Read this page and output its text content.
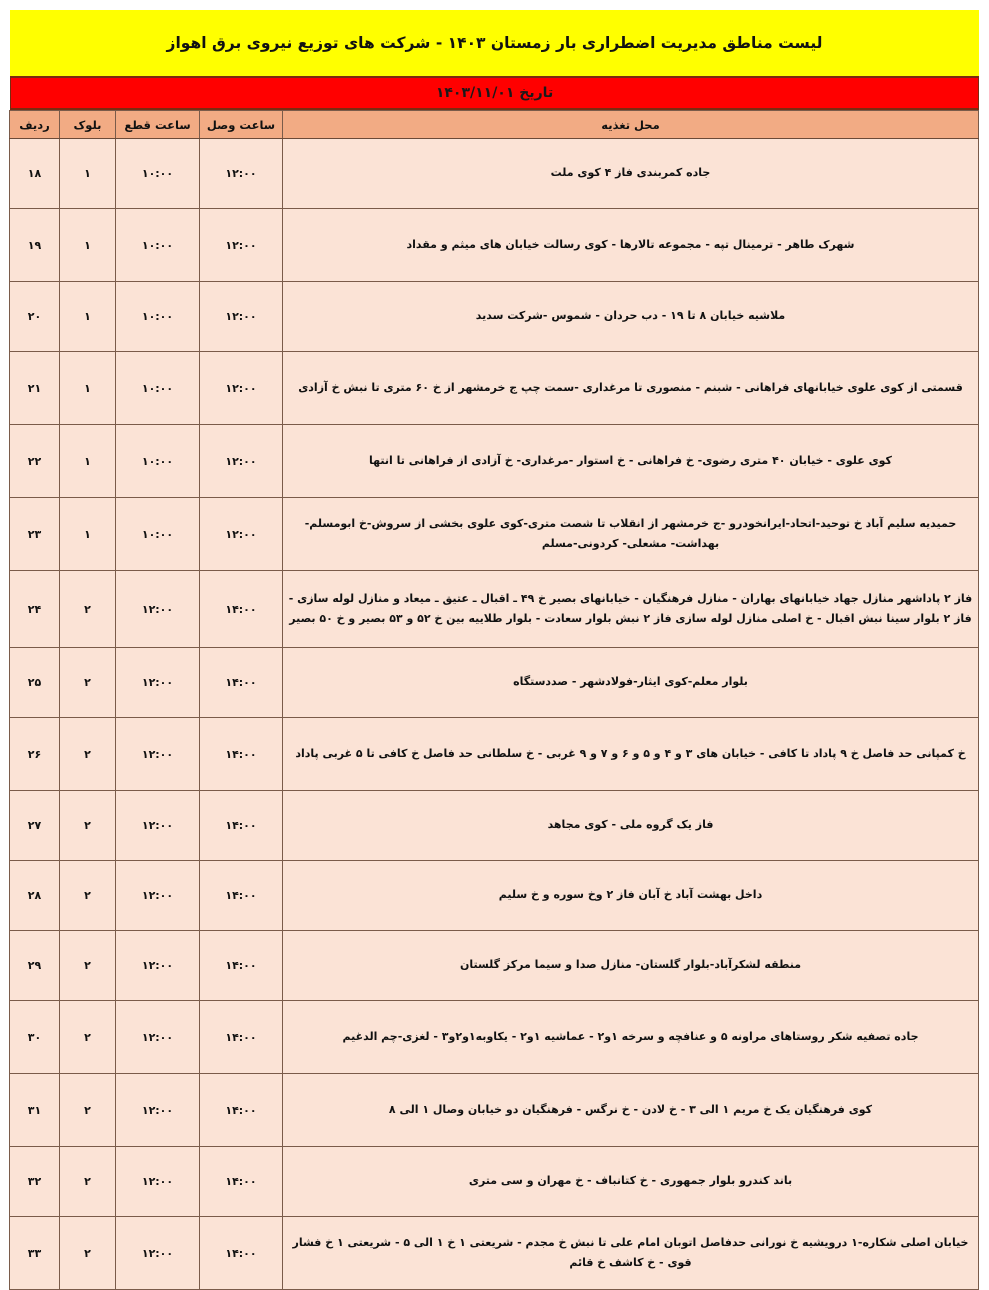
لیست مناطق مدیریت اضطراری بار زمستان ۱۴۰۳ - شرکت های توزیع نیروی برق اهواز
تاریخ ۱۴۰۳/۱۱/۰۱
محل تغذیه	ساعت وصل	ساعت قطع	بلوک	ردیف
جاده کمربندی فاز ۴ کوی ملت	۱۲:۰۰	۱۰:۰۰	۱	۱۸
شهرک طاهر - ترمینال تپه - مجموعه تالارها - کوی رسالت خیابان های میثم و مقداد	۱۲:۰۰	۱۰:۰۰	۱	۱۹
ملاشیه خیابان ۸ تا ۱۹ - دب حردان - شموس -شرکت سدید	۱۲:۰۰	۱۰:۰۰	۱	۲۰
قسمتی از کوی علوی خیابانهای فراهانی - شبنم - منصوری تا مرغداری -سمت چپ ج خرمشهر از خ ۶۰ متری تا نبش خ آزادی	۱۲:۰۰	۱۰:۰۰	۱	۲۱
کوی علوی - خیابان ۴۰ متری رضوی- خ فراهانی - خ استوار -مرغداری- خ آزادی از فراهانی تا انتها	۱۲:۰۰	۱۰:۰۰	۱	۲۲
حمیدیه سلیم آباد خ توحید-اتحاد-ایرانخودرو -ج خرمشهر از انقلاب تا شصت متری-کوی علوی بخشی از سروش-خ ابومسلم- بهداشت- مشعلی- کردونی-مسلم	۱۲:۰۰	۱۰:۰۰	۱	۲۳
فاز ۲ پاداشهر منازل جهاد خیابانهای بهاران - منازل فرهنگیان - خیابانهای بصیر خ ۴۹ ـ اقبال ـ عتیق ـ میعاد و منازل لوله سازی - فاز ۲ بلوار سینا نبش اقبال - خ اصلی منازل لوله سازی فاز ۲ نبش بلوار سعادت - بلوار طلاییه بین خ ۵۲ و ۵۳ بصیر و خ ۵۰ بصیر	۱۴:۰۰	۱۲:۰۰	۲	۲۴
بلوار معلم-کوی ایثار-فولادشهر - صددستگاه	۱۴:۰۰	۱۲:۰۰	۲	۲۵
خ کمپانی حد فاصل خ ۹ پاداد تا کافی - خیابان های ۳ و ۴ و ۵ و ۶ و ۷ و ۹ غربی - خ سلطانی حد فاصل خ کافی تا ۵ غربی پاداد	۱۴:۰۰	۱۲:۰۰	۲	۲۶
فاز یک گروه ملی - کوی مجاهد	۱۴:۰۰	۱۲:۰۰	۲	۲۷
داخل بهشت آباد خ آبان فاز ۲ وخ سوره و خ سلیم	۱۴:۰۰	۱۲:۰۰	۲	۲۸
منطقه لشکرآباد-بلوار گلستان- منازل صدا و سیما مرکز گلستان	۱۴:۰۰	۱۲:۰۰	۲	۲۹
جاده تصفیه شکر روستاهای مراونه ۵ و عنافچه و سرخه ۱و۲ - عماشیه ۱و۲ - یکاوبه۱و۲و۳ - لغزی-چم الدغیم	۱۴:۰۰	۱۲:۰۰	۲	۳۰
کوی فرهنگیان یک خ مریم ۱ الی ۳ - خ لادن - خ نرگس - فرهنگیان دو خیابان وصال ۱ الی ۸	۱۴:۰۰	۱۲:۰۰	۲	۳۱
باند کندرو بلوار جمهوری - خ کتانباف - خ مهران و سی متری	۱۴:۰۰	۱۲:۰۰	۲	۳۲
خیابان اصلی شکاره-۱ درویشیه خ نورانی حدفاصل اتوبان امام علی تا نبش خ مجدم - شریعتی ۱ خ ۱ الی ۵ - شریعتی ۱ خ فشار قوی - خ کاشف خ قائم	۱۴:۰۰	۱۲:۰۰	۲	۳۳
